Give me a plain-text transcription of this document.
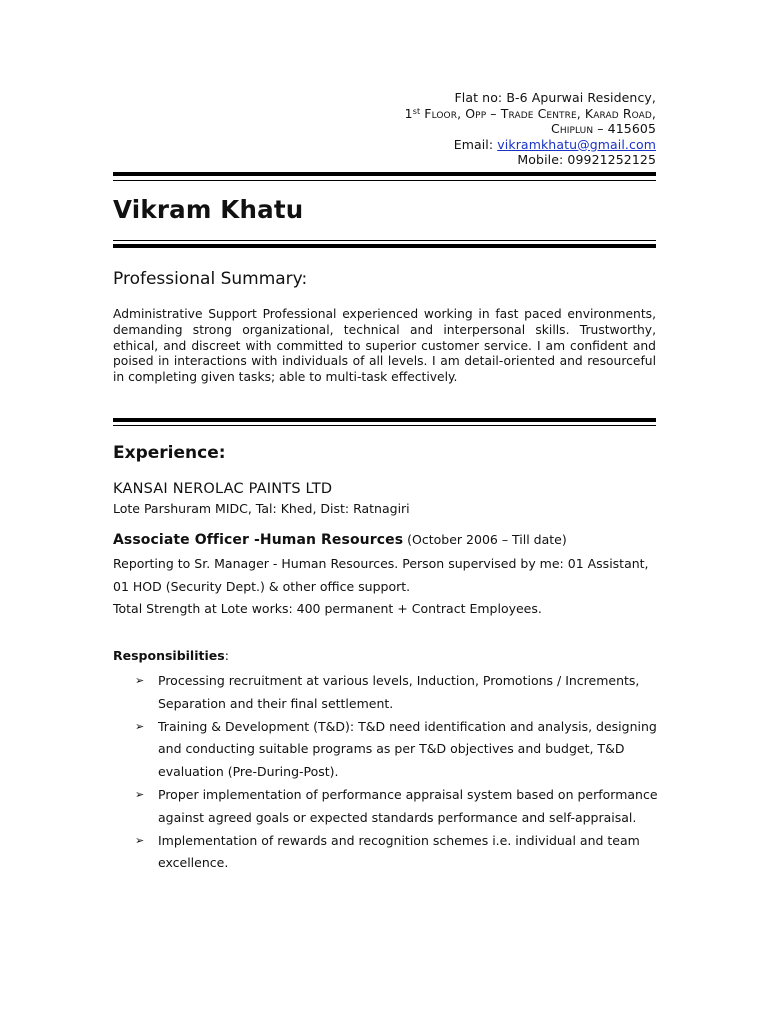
Flat no: B-6 Apurwai Residency,
1st Floor, Opp – Trade Centre, Karad Road,
Chiplun – 415605
Email: vikramkhatu@gmail.com
Mobile: 09921252125
Vikram Khatu
Professional Summary:
Administrative Support Professional experienced working in fast paced environments, demanding strong organizational, technical and interpersonal skills. Trustworthy, ethical, and discreet with committed to superior customer service. I am confident and poised in interactions with individuals of all levels. I am detail-oriented and resourceful in completing given tasks; able to multi-task effectively.
Experience:
KANSAI NEROLAC PAINTS LTD
Lote Parshuram MIDC, Tal: Khed, Dist: Ratnagiri
Associate Officer -Human Resources (October 2006 – Till date)
Reporting to Sr. Manager - Human Resources. Person supervised by me: 01 Assistant, 01 HOD (Security Dept.) & other office support.
Total Strength at Lote works: 400 permanent + Contract Employees.
Responsibilities:
➢ Processing recruitment at various levels, Induction, Promotions / Increments, Separation and their final settlement.
➢ Training & Development (T&D): T&D need identification and analysis, designing and conducting suitable programs as per T&D objectives and budget, T&D evaluation (Pre-During-Post).
➢ Proper implementation of performance appraisal system based on performance against agreed goals or expected standards performance and self-appraisal.
➢ Implementation of rewards and recognition schemes i.e. individual and team excellence.
